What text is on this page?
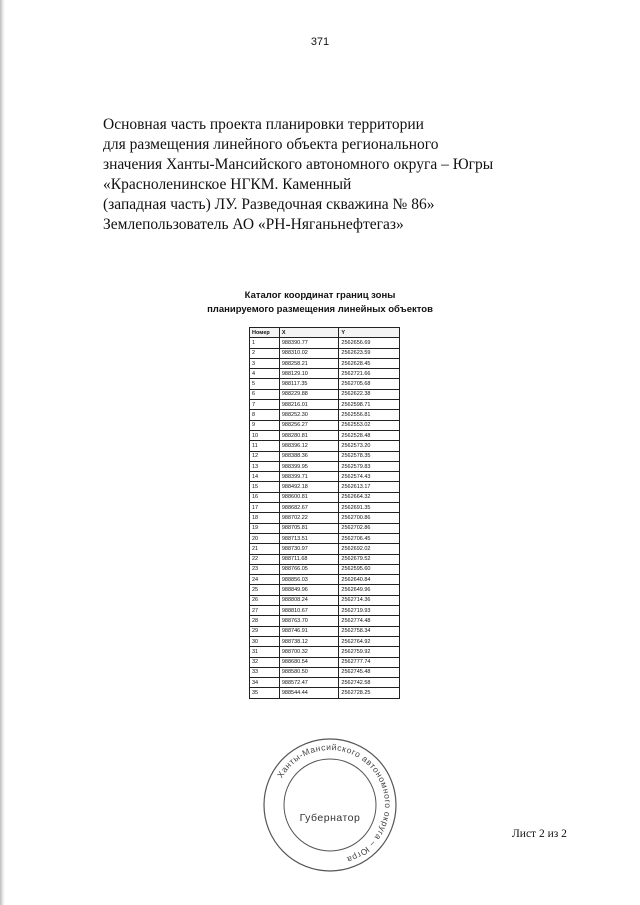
371
Основная часть проекта планировки территории
для размещения линейного объекта регионального
значения Ханты-Мансийского автономного округа – Югры
«Красноленинское НГКМ. Каменный
(западная часть) ЛУ. Разведочная скважина № 86»
Землепользователь АО «РН-Няганьнефтегаз»
Каталог координат границ зоны
планируемого размещения линейных объектов
Номер	X	Y
1	988390.77	2562656.69
2	988310.02	2562623.59
3	988258.21	2562628.45
4	988129.10	2562721.66
5	988117.35	2562705.68
6	988229.88	2562622.38
7	988216.01	2562598.71
8	988252.30	2562556.81
9	988256.27	2562553.02
10	988280.81	2562528.48
11	988396.12	2562573.20
12	988388.36	2562578.35
13	988399.95	2562579.83
14	988399.71	2562574.43
15	988492.18	2562613.17
16	988600.81	2562664.32
17	988682.67	2562691.35
18	988702.22	2562700.86
19	988705.81	2562702.86
20	988713.51	2562706.45
21	988730.97	2562692.02
22	988711.68	2562679.52
23	988766.05	2562595.60
24	988856.03	2562640.84
25	988849.96	2562649.96
26	988808.24	2562714.36
27	988810.67	2562719.93
28	988763.70	2562774.48
29	988746.91	2562758.34
30	988738.12	2562764.92
31	988700.32	2562759.92
32	988680.54	2562777.74
33	988580.50	2562745.48
34	988572.47	2562742.58
35	988544.44	2562728.25
Ханты-Мансийского автономного округа – Югра
Губернатор
Лист 2 из 2
